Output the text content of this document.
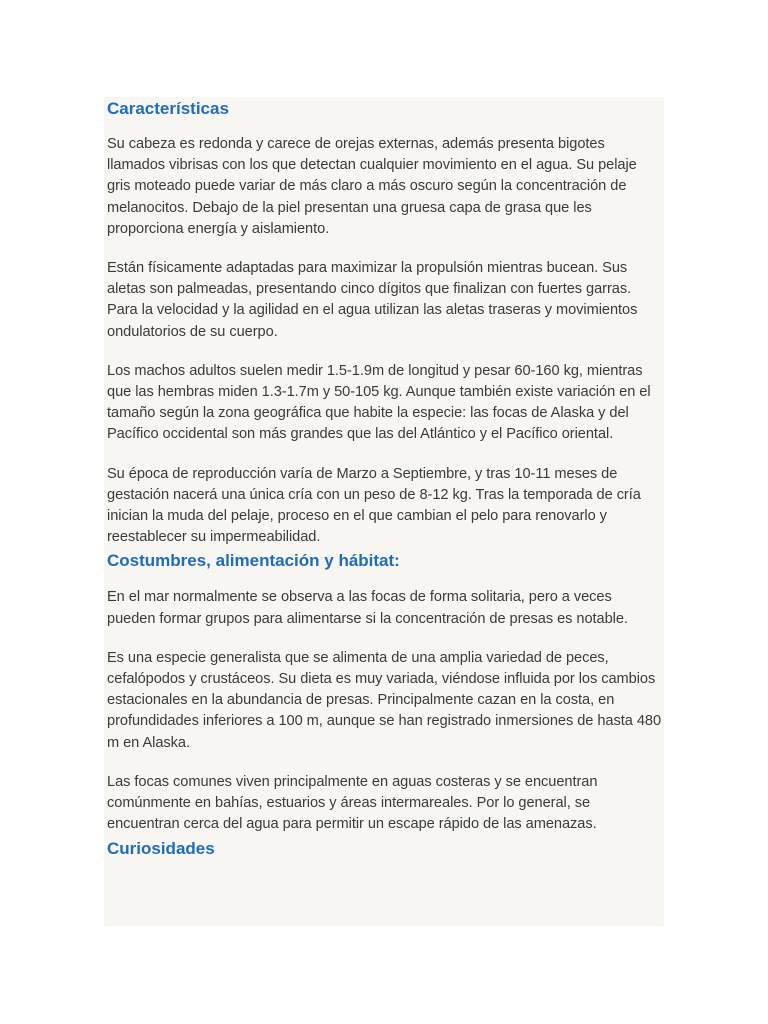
Características

Su cabeza es redonda y carece de orejas externas, además presenta bigotes llamados vibrisas con los que detectan cualquier movimiento en el agua. Su pelaje gris moteado puede variar de más claro a más oscuro según la concentración de melanocitos. Debajo de la piel presentan una gruesa capa de grasa que les proporciona energía y aislamiento.

Están físicamente adaptadas para maximizar la propulsión mientras bucean. Sus aletas son palmeadas, presentando cinco dígitos que finalizan con fuertes garras. Para la velocidad y la agilidad en el agua utilizan las aletas traseras y movimientos ondulatorios de su cuerpo.

Los machos adultos suelen medir 1.5-1.9m de longitud y pesar 60-160 kg, mientras que las hembras miden 1.3-1.7m y 50-105 kg. Aunque también existe variación en el tamaño según la zona geográfica que habite la especie: las focas de Alaska y del Pacífico occidental son más grandes que las del Atlántico y el Pacífico oriental.

Su época de reproducción varía de Marzo a Septiembre, y tras 10-11 meses de gestación nacerá una única cría con un peso de 8-12 kg. Tras la temporada de cría inician la muda del pelaje, proceso en el que cambian el pelo para renovarlo y reestablecer su impermeabilidad.

Costumbres, alimentación y hábitat:

En el mar normalmente se observa a las focas de forma solitaria, pero a veces pueden formar grupos para alimentarse si la concentración de presas es notable.

Es una especie generalista que se alimenta de una amplia variedad de peces, cefalópodos y crustáceos. Su dieta es muy variada, viéndose influida por los cambios estacionales en la abundancia de presas. Principalmente cazan en la costa, en profundidades inferiores a 100 m, aunque se han registrado inmersiones de hasta 480 m en Alaska.

Las focas comunes viven principalmente en aguas costeras y se encuentran comúnmente en bahías, estuarios y áreas intermareales. Por lo general, se encuentran cerca del agua para permitir un escape rápido de las amenazas.

Curiosidades
